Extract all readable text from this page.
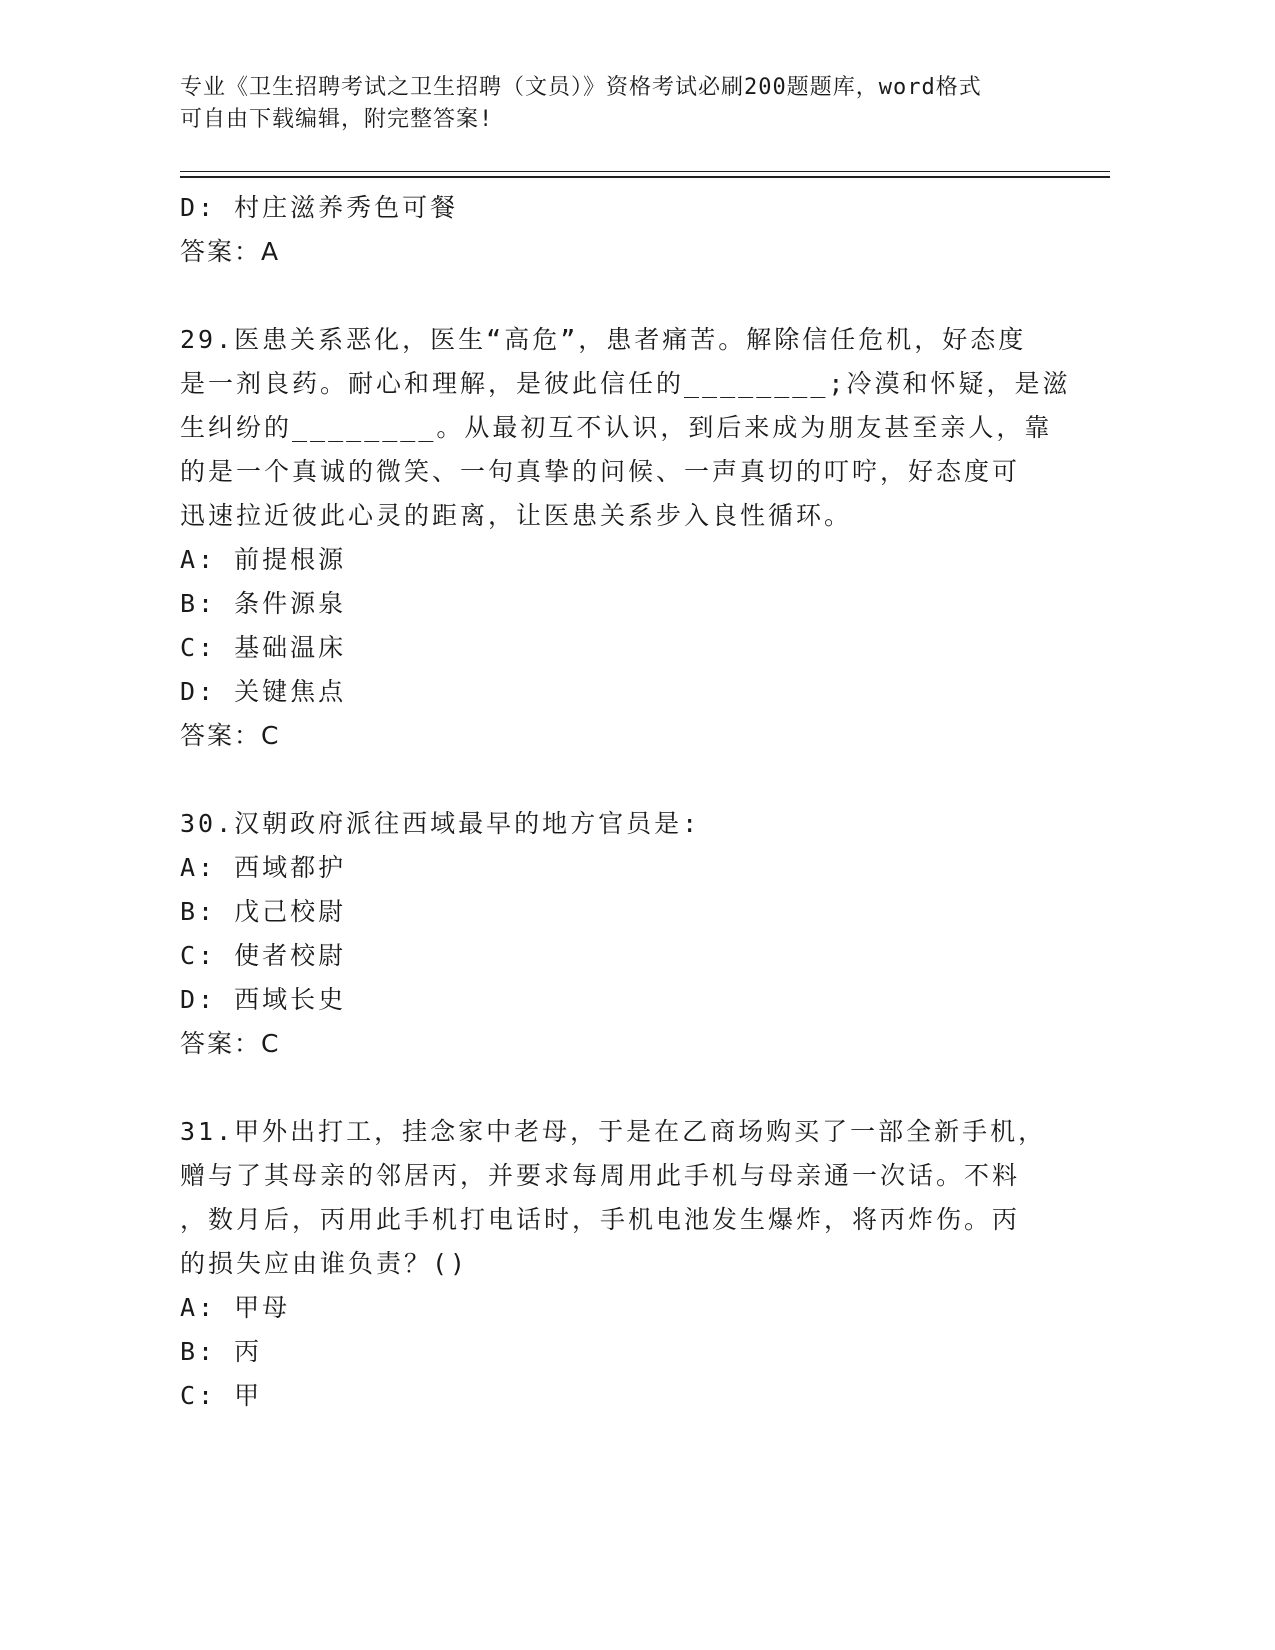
专业《卫生招聘考试之卫生招聘（文员）》资格考试必刷200题题库，word格式
可自由下载编辑，附完整答案!
D: 村庄滋养秀色可餐
答案：A
29.医患关系恶化，医生“高危”，患者痛苦。解除信任危机，好态度
是一剂良药。耐心和理解，是彼此信任的________;冷漠和怀疑，是滋
生纠纷的________。从最初互不认识，到后来成为朋友甚至亲人，靠
的是一个真诚的微笑、一句真挚的问候、一声真切的叮咛，好态度可
迅速拉近彼此心灵的距离，让医患关系步入良性循环。
A: 前提根源
B: 条件源泉
C: 基础温床
D: 关键焦点
答案：C
30.汉朝政府派往西域最早的地方官员是:
A: 西域都护
B: 戊己校尉
C: 使者校尉
D: 西域长史
答案：C
31.甲外出打工，挂念家中老母，于是在乙商场购买了一部全新手机，
赠与了其母亲的邻居丙，并要求每周用此手机与母亲通一次话。不料
，数月后，丙用此手机打电话时，手机电池发生爆炸，将丙炸伤。丙
的损失应由谁负责？()
A: 甲母
B: 丙
C: 甲
